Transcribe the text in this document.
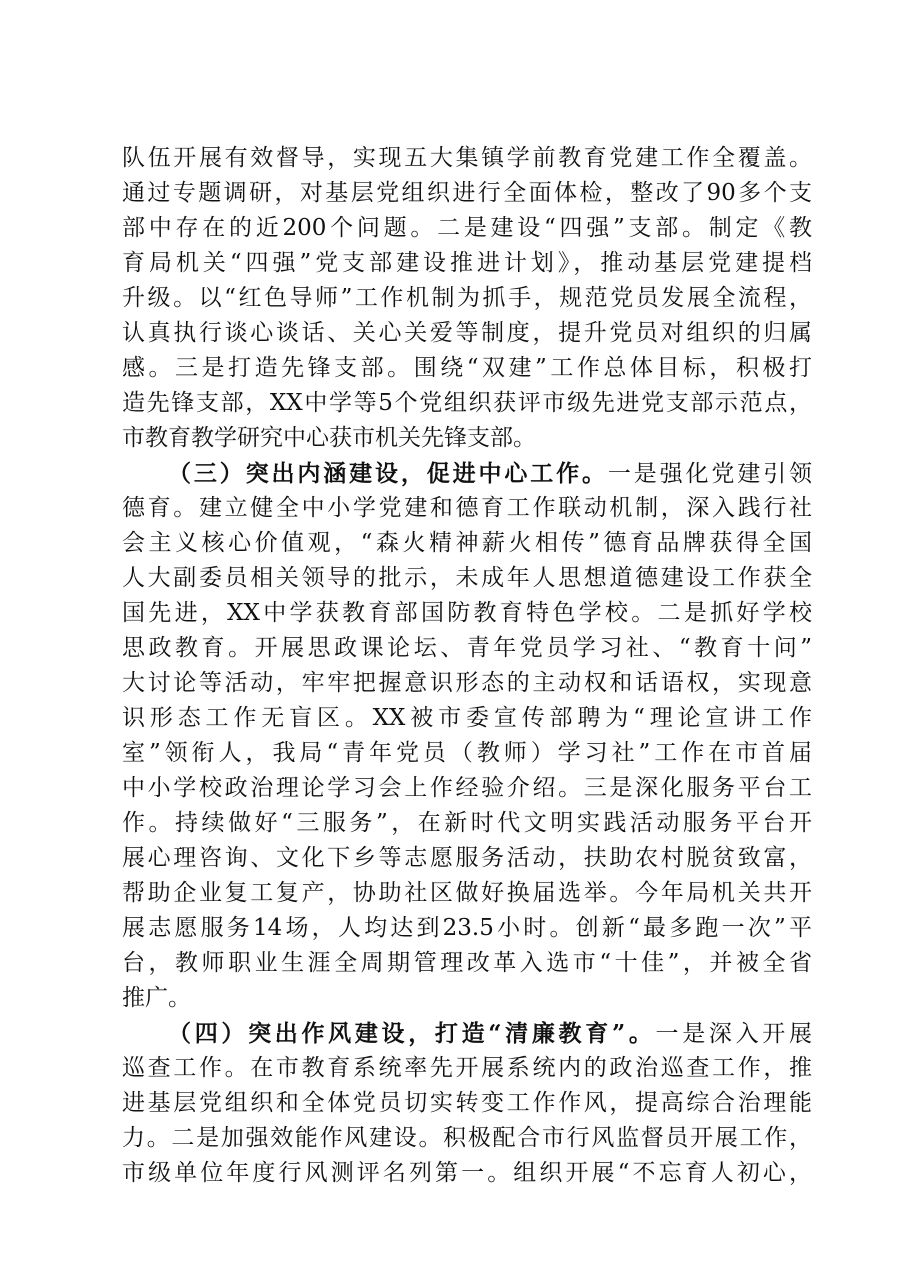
队伍开展有效督导，实现五大集镇学前教育党建工作全覆盖。
通过专题调研，对基层党组织进行全面体检，整改了90多个支
部中存在的近200个问题。二是建设“四强”支部。制定《教
育局机关“四强”党支部建设推进计划》，推动基层党建提档
升级。以“红色导师”工作机制为抓手，规范党员发展全流程，
认真执行谈心谈话、关心关爱等制度，提升党员对组织的归属
感。三是打造先锋支部。围绕“双建”工作总体目标，积极打
造先锋支部，XX中学等5个党组织获评市级先进党支部示范点，
市教育教学研究中心获市机关先锋支部。
（三）突出内涵建设，促进中心工作。一是强化党建引领
德育。建立健全中小学党建和德育工作联动机制，深入践行社
会主义核心价值观，“森火精神薪火相传”德育品牌获得全国
人大副委员相关领导的批示，未成年人思想道德建设工作获全
国先进，XX中学获教育部国防教育特色学校。二是抓好学校
思政教育。开展思政课论坛、青年党员学习社、“教育十问”
大讨论等活动，牢牢把握意识形态的主动权和话语权，实现意
识形态工作无盲区。XX被市委宣传部聘为“理论宣讲工作
室”领衔人，我局“青年党员（教师）学习社”工作在市首届
中小学校政治理论学习会上作经验介绍。三是深化服务平台工
作。持续做好“三服务”，在新时代文明实践活动服务平台开
展心理咨询、文化下乡等志愿服务活动，扶助农村脱贫致富，
帮助企业复工复产，协助社区做好换届选举。今年局机关共开
展志愿服务14场，人均达到23.5小时。创新“最多跑一次”平
台，教师职业生涯全周期管理改革入选市“十佳”，并被全省
推广。
（四）突出作风建设，打造“清廉教育”。一是深入开展
巡查工作。在市教育系统率先开展系统内的政治巡查工作，推
进基层党组织和全体党员切实转变工作作风，提高综合治理能
力。二是加强效能作风建设。积极配合市行风监督员开展工作，
市级单位年度行风测评名列第一。组织开展“不忘育人初心，
